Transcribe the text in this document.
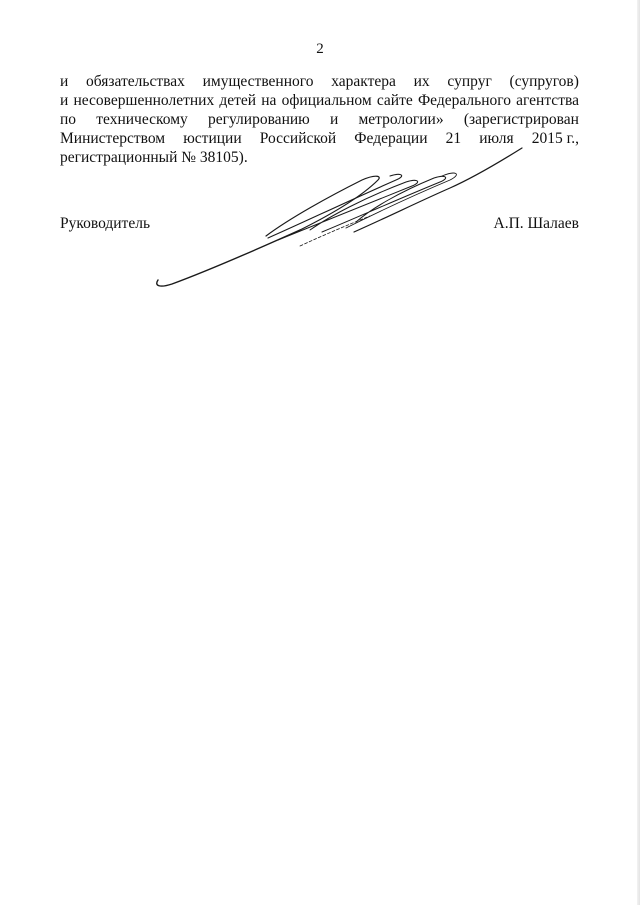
2
и обязательствах имущественного характера их супруг (супругов)
и несовершеннолетних детей на официальном сайте Федерального агентства
по техническому регулированию и метрологии» (зарегистрирован
Министерством юстиции Российской Федерации 21 июля 2015 г.,
регистрационный № 38105).
Руководитель	А.П. Шалаев
